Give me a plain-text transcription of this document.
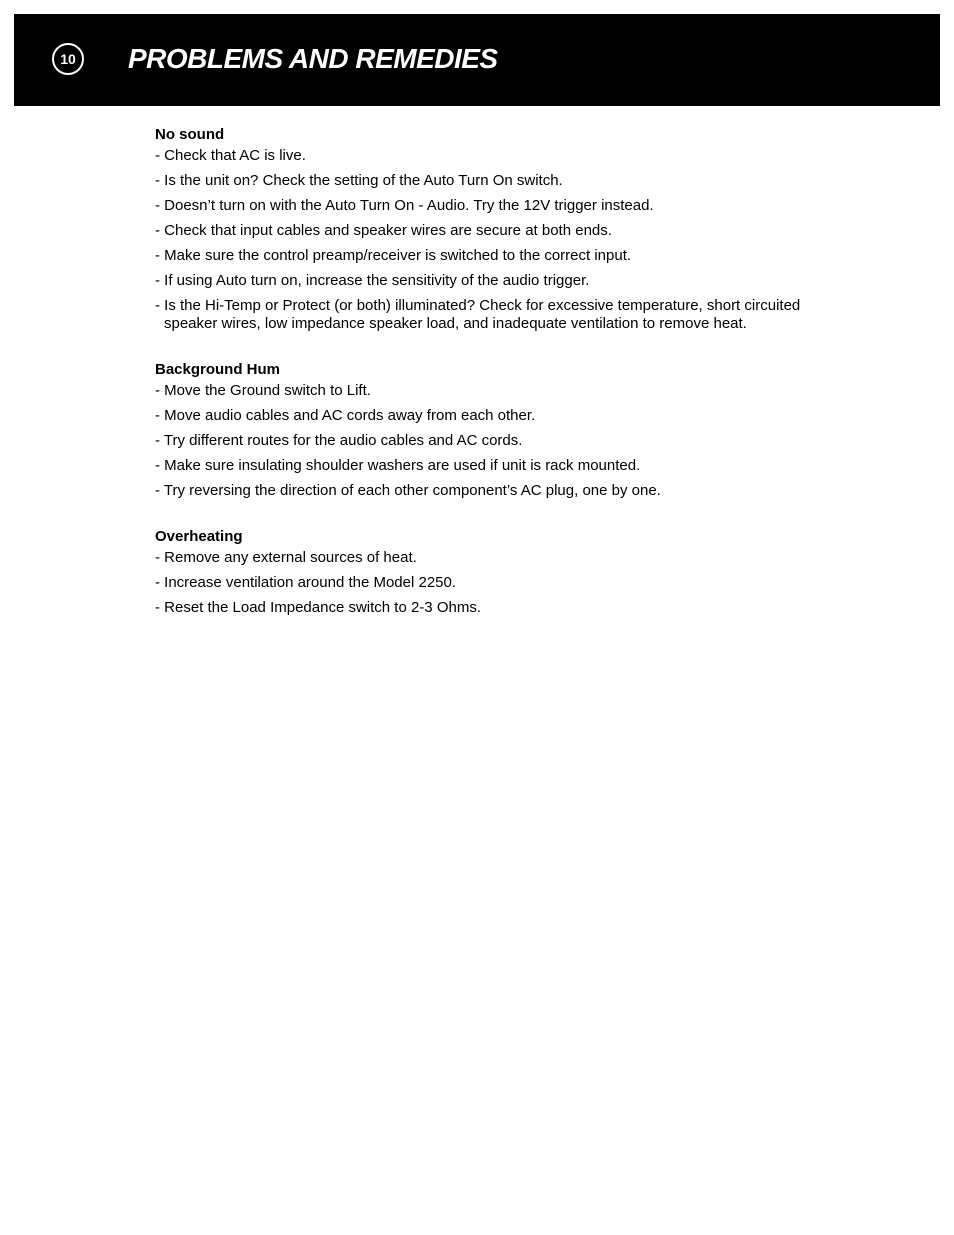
10 PROBLEMS AND REMEDIES
No sound
- Check that AC is live.
- Is the unit on? Check the setting of the Auto Turn On switch.
- Doesn’t turn on with the Auto Turn On - Audio. Try the 12V trigger instead.
- Check that input cables and speaker wires are secure at both ends.
- Make sure the control preamp/receiver is switched to the correct input.
- If using Auto turn on, increase the sensitivity of the audio trigger.
- Is the Hi-Temp or Protect (or both) illuminated? Check for excessive temperature, short circuited speaker wires, low impedance speaker load, and inadequate ventilation to remove heat.
Background Hum
- Move the Ground switch to Lift.
- Move audio cables and AC cords away from each other.
- Try different routes for the audio cables and AC cords.
- Make sure insulating shoulder washers are used if unit is rack mounted.
- Try reversing the direction of each other component’s AC plug, one by one.
Overheating
- Remove any external sources of heat.
- Increase ventilation around the Model 2250.
- Reset the Load Impedance switch to 2-3 Ohms.
